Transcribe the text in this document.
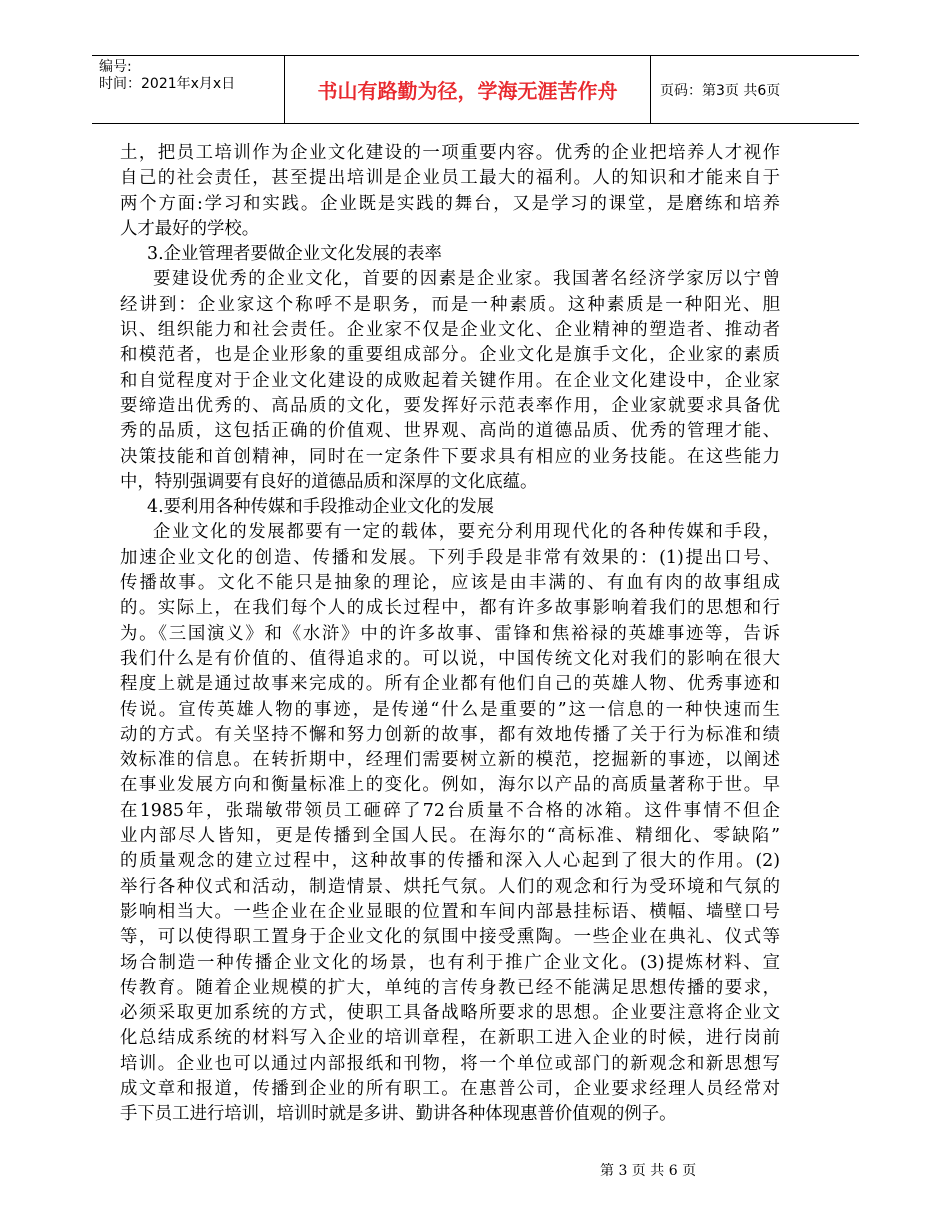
编号:
时间：2021年x月x日	书山有路勤为径，学海无涯苦作舟	页码：第3页 共6页
土，把员工培训作为企业文化建设的一项重要内容。优秀的企业把培养人才视作
自己的社会责任，甚至提出培训是企业员工最大的福利。人的知识和才能来自于
两个方面:学习和实践。企业既是实践的舞台，又是学习的课堂，是磨练和培养
人才最好的学校。
3.企业管理者要做企业文化发展的表率
要建设优秀的企业文化，首要的因素是企业家。我国著名经济学家厉以宁曾
经讲到：企业家这个称呼不是职务，而是一种素质。这种素质是一种阳光、胆
识、组织能力和社会责任。企业家不仅是企业文化、企业精神的塑造者、推动者
和模范者，也是企业形象的重要组成部分。企业文化是旗手文化，企业家的素质
和自觉程度对于企业文化建设的成败起着关键作用。在企业文化建设中，企业家
要缔造出优秀的、高品质的文化，要发挥好示范表率作用，企业家就要求具备优
秀的品质，这包括正确的价值观、世界观、高尚的道德品质、优秀的管理才能、
决策技能和首创精神，同时在一定条件下要求具有相应的业务技能。在这些能力
中，特别强调要有良好的道德品质和深厚的文化底蕴。
4.要利用各种传媒和手段推动企业文化的发展
企业文化的发展都要有一定的载体，要充分利用现代化的各种传媒和手段，
加速企业文化的创造、传播和发展。下列手段是非常有效果的：(1)提出口号、
传播故事。文化不能只是抽象的理论，应该是由丰满的、有血有肉的故事组成
的。实际上，在我们每个人的成长过程中，都有许多故事影响着我们的思想和行
为。《三国演义》和《水浒》中的许多故事、雷锋和焦裕禄的英雄事迹等，告诉
我们什么是有价值的、值得追求的。可以说，中国传统文化对我们的影响在很大
程度上就是通过故事来完成的。所有企业都有他们自己的英雄人物、优秀事迹和
传说。宣传英雄人物的事迹，是传递“什么是重要的”这一信息的一种快速而生
动的方式。有关坚持不懈和努力创新的故事，都有效地传播了关于行为标准和绩
效标准的信息。在转折期中，经理们需要树立新的模范，挖掘新的事迹，以阐述
在事业发展方向和衡量标准上的变化。例如，海尔以产品的高质量著称于世。早
在1985年，张瑞敏带领员工砸碎了72台质量不合格的冰箱。这件事情不但企
业内部尽人皆知，更是传播到全国人民。在海尔的“高标准、精细化、零缺陷”
的质量观念的建立过程中，这种故事的传播和深入人心起到了很大的作用。(2)
举行各种仪式和活动，制造情景、烘托气氛。人们的观念和行为受环境和气氛的
影响相当大。一些企业在企业显眼的位置和车间内部悬挂标语、横幅、墙壁口号
等，可以使得职工置身于企业文化的氛围中接受熏陶。一些企业在典礼、仪式等
场合制造一种传播企业文化的场景，也有利于推广企业文化。(3)提炼材料、宣
传教育。随着企业规模的扩大，单纯的言传身教已经不能满足思想传播的要求，
必须采取更加系统的方式，使职工具备战略所要求的思想。企业要注意将企业文
化总结成系统的材料写入企业的培训章程，在新职工进入企业的时候，进行岗前
培训。企业也可以通过内部报纸和刊物，将一个单位或部门的新观念和新思想写
成文章和报道，传播到企业的所有职工。在惠普公司，企业要求经理人员经常对
手下员工进行培训，培训时就是多讲、勤讲各种体现惠普价值观的例子。
第 3 页 共 6 页
